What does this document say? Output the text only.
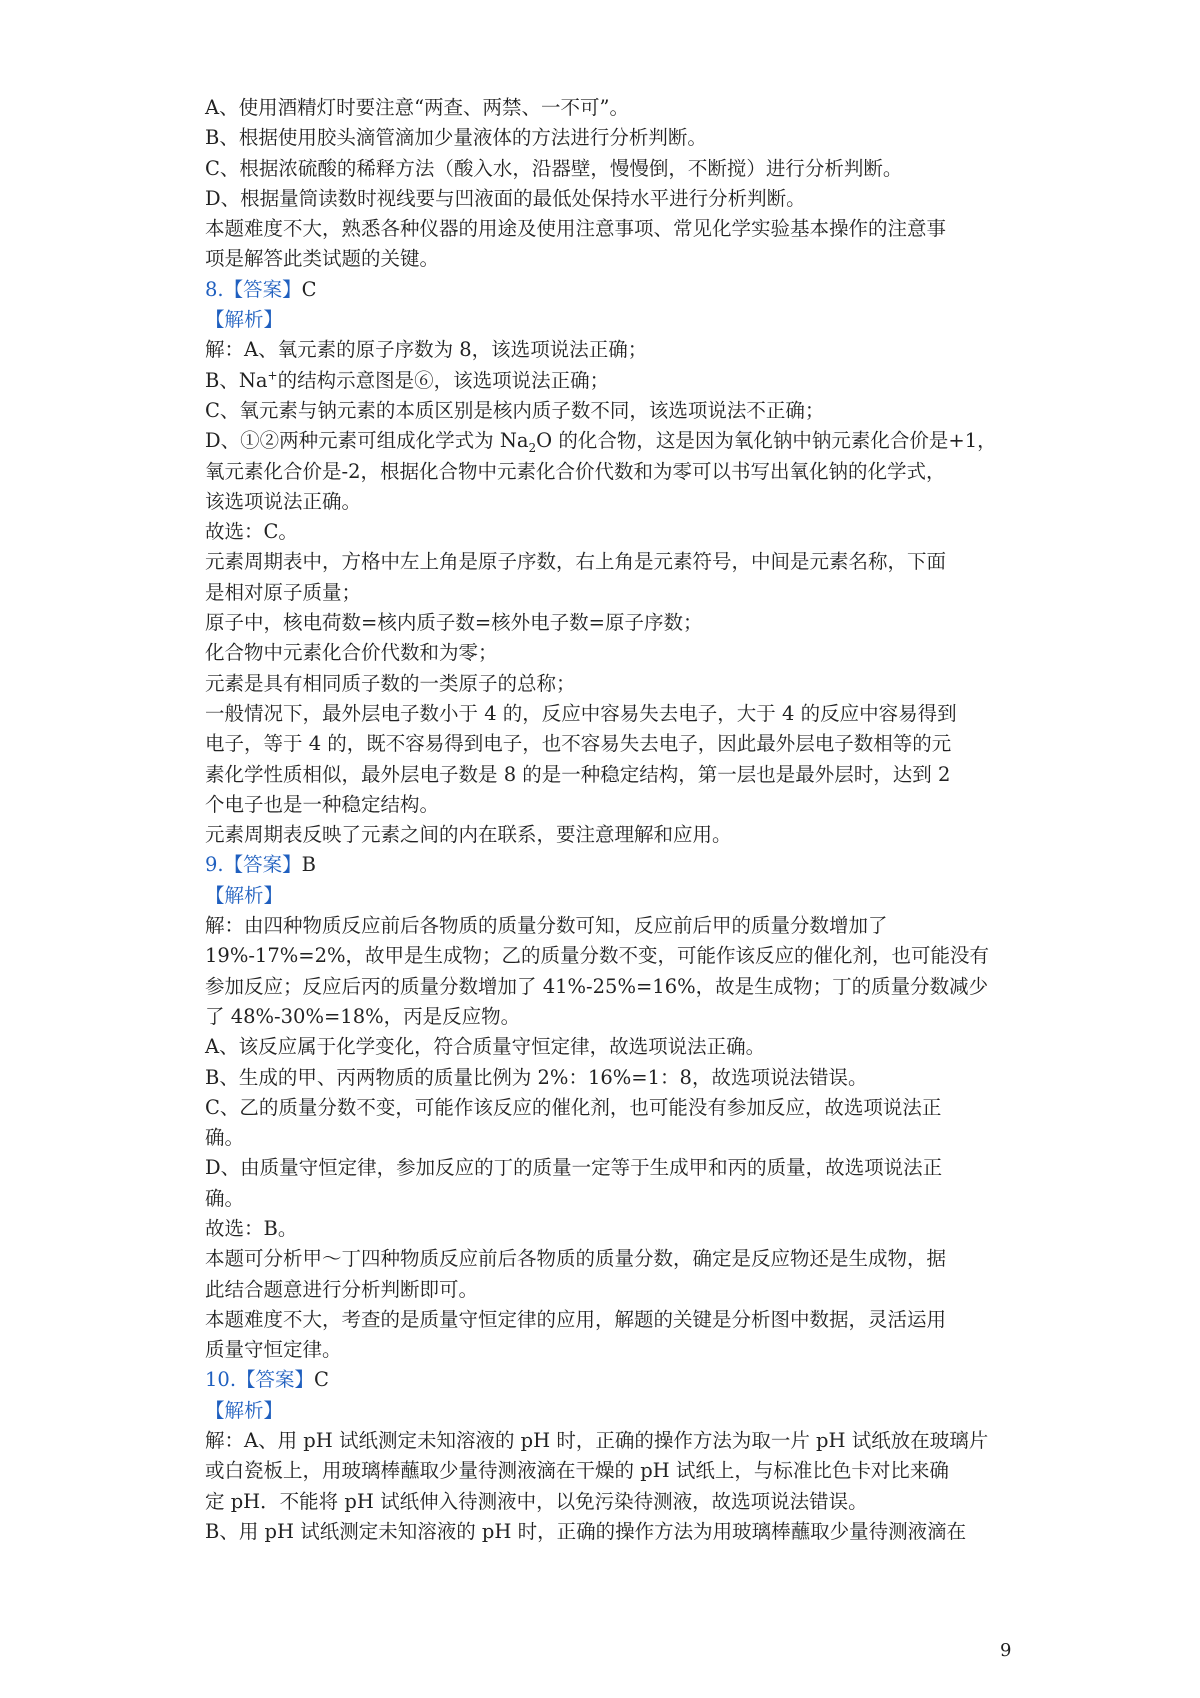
A、使用酒精灯时要注意“两查、两禁、一不可”。
B、根据使用胶头滴管滴加少量液体的方法进行分析判断。
C、根据浓硫酸的稀释方法（酸入水，沿器壁，慢慢倒，不断搅）进行分析判断。
D、根据量筒读数时视线要与凹液面的最低处保持水平进行分析判断。
本题难度不大，熟悉各种仪器的用途及使用注意事项、常见化学实验基本操作的注意事
项是解答此类试题的关键。
8.【答案】C
【解析】
解：A、氧元素的原子序数为 8，该选项说法正确；
B、Na+的结构示意图是⑥，该选项说法正确；
C、氧元素与钠元素的本质区别是核内质子数不同，该选项说法不正确；
D、①②两种元素可组成化学式为 $Na_2O$ 的化合物，这是因为氧化钠中钠元素化合价是+1，
氧元素化合价是-2，根据化合物中元素化合价代数和为零可以书写出氧化钠的化学式，
该选项说法正确。
故选：C。
元素周期表中，方格中左上角是原子序数，右上角是元素符号，中间是元素名称，下面
是相对原子质量；
原子中，核电荷数=核内质子数=核外电子数=原子序数；
化合物中元素化合价代数和为零；
元素是具有相同质子数的一类原子的总称；
一般情况下，最外层电子数小于 4 的，反应中容易失去电子，大于 4 的反应中容易得到
电子，等于 4 的，既不容易得到电子，也不容易失去电子，因此最外层电子数相等的元
素化学性质相似，最外层电子数是 8 的是一种稳定结构，第一层也是最外层时，达到 2
个电子也是一种稳定结构。
元素周期表反映了元素之间的内在联系，要注意理解和应用。
9.【答案】B
【解析】
解：由四种物质反应前后各物质的质量分数可知，反应前后甲的质量分数增加了
19%-17%=2%，故甲是生成物；乙的质量分数不变，可能作该反应的催化剂，也可能没有
参加反应；反应后丙的质量分数增加了 41%-25%=16%，故是生成物；丁的质量分数减少
了 48%-30%=18%，丙是反应物。
A、该反应属于化学变化，符合质量守恒定律，故选项说法正确。
B、生成的甲、丙两物质的质量比例为 2%：16%=1：8，故选项说法错误。
C、乙的质量分数不变，可能作该反应的催化剂，也可能没有参加反应，故选项说法正
确。
D、由质量守恒定律，参加反应的丁的质量一定等于生成甲和丙的质量，故选项说法正
确。
故选：B。
本题可分析甲～丁四种物质反应前后各物质的质量分数，确定是反应物还是生成物，据
此结合题意进行分析判断即可。
本题难度不大，考查的是质量守恒定律的应用，解题的关键是分析图中数据，灵活运用
质量守恒定律。
10.【答案】C
【解析】
解：A、用 pH 试纸测定未知溶液的 pH 时，正确的操作方法为取一片 pH 试纸放在玻璃片
或白瓷板上，用玻璃棒蘸取少量待测液滴在干燥的 pH 试纸上，与标准比色卡对比来确
定 pH．不能将 pH 试纸伸入待测液中，以免污染待测液，故选项说法错误。
B、用 pH 试纸测定未知溶液的 pH 时，正确的操作方法为用玻璃棒蘸取少量待测液滴在
9
